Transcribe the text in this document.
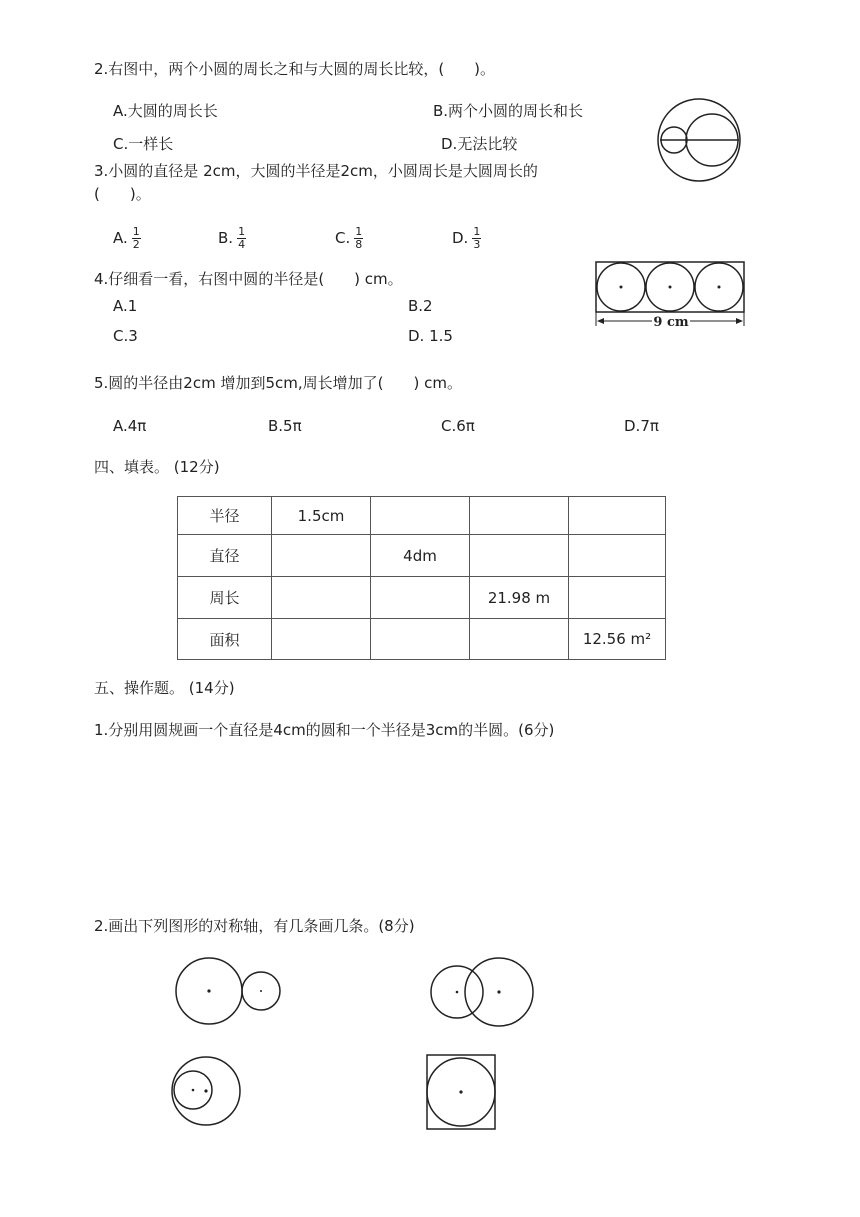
2.右图中，两个小圆的周长之和与大圆的周长比较，(　　)。
A.大圆的周长长	B.两个小圆的周长和长
C.一样长	D.无法比较
3.小圆的直径是 2cm，大圆的半径是2cm，小圆周长是大圆周长的
(　　)。
A. $\frac{1}{2}$	B. $\frac{1}{4}$	C. $\frac{1}{8}$	D. $\frac{1}{3}$
4.仔细看一看，右图中圆的半径是(　　) cm。
A.1	B.2
C.3	D. 1.5
9 cm
5.圆的半径由2cm 增加到5cm,周长增加了(　　) cm。
A.4π	B.5π	C.6π	D.7π
四、填表。 (12分)
半径	1.5cm			
直径		4dm		
周长			21.98 m	
面积				12.56 m²
五、操作题。 (14分)
1.分别用圆规画一个直径是4cm的圆和一个半径是3cm的半圆。(6分)
2.画出下列图形的对称轴，有几条画几条。(8分)
